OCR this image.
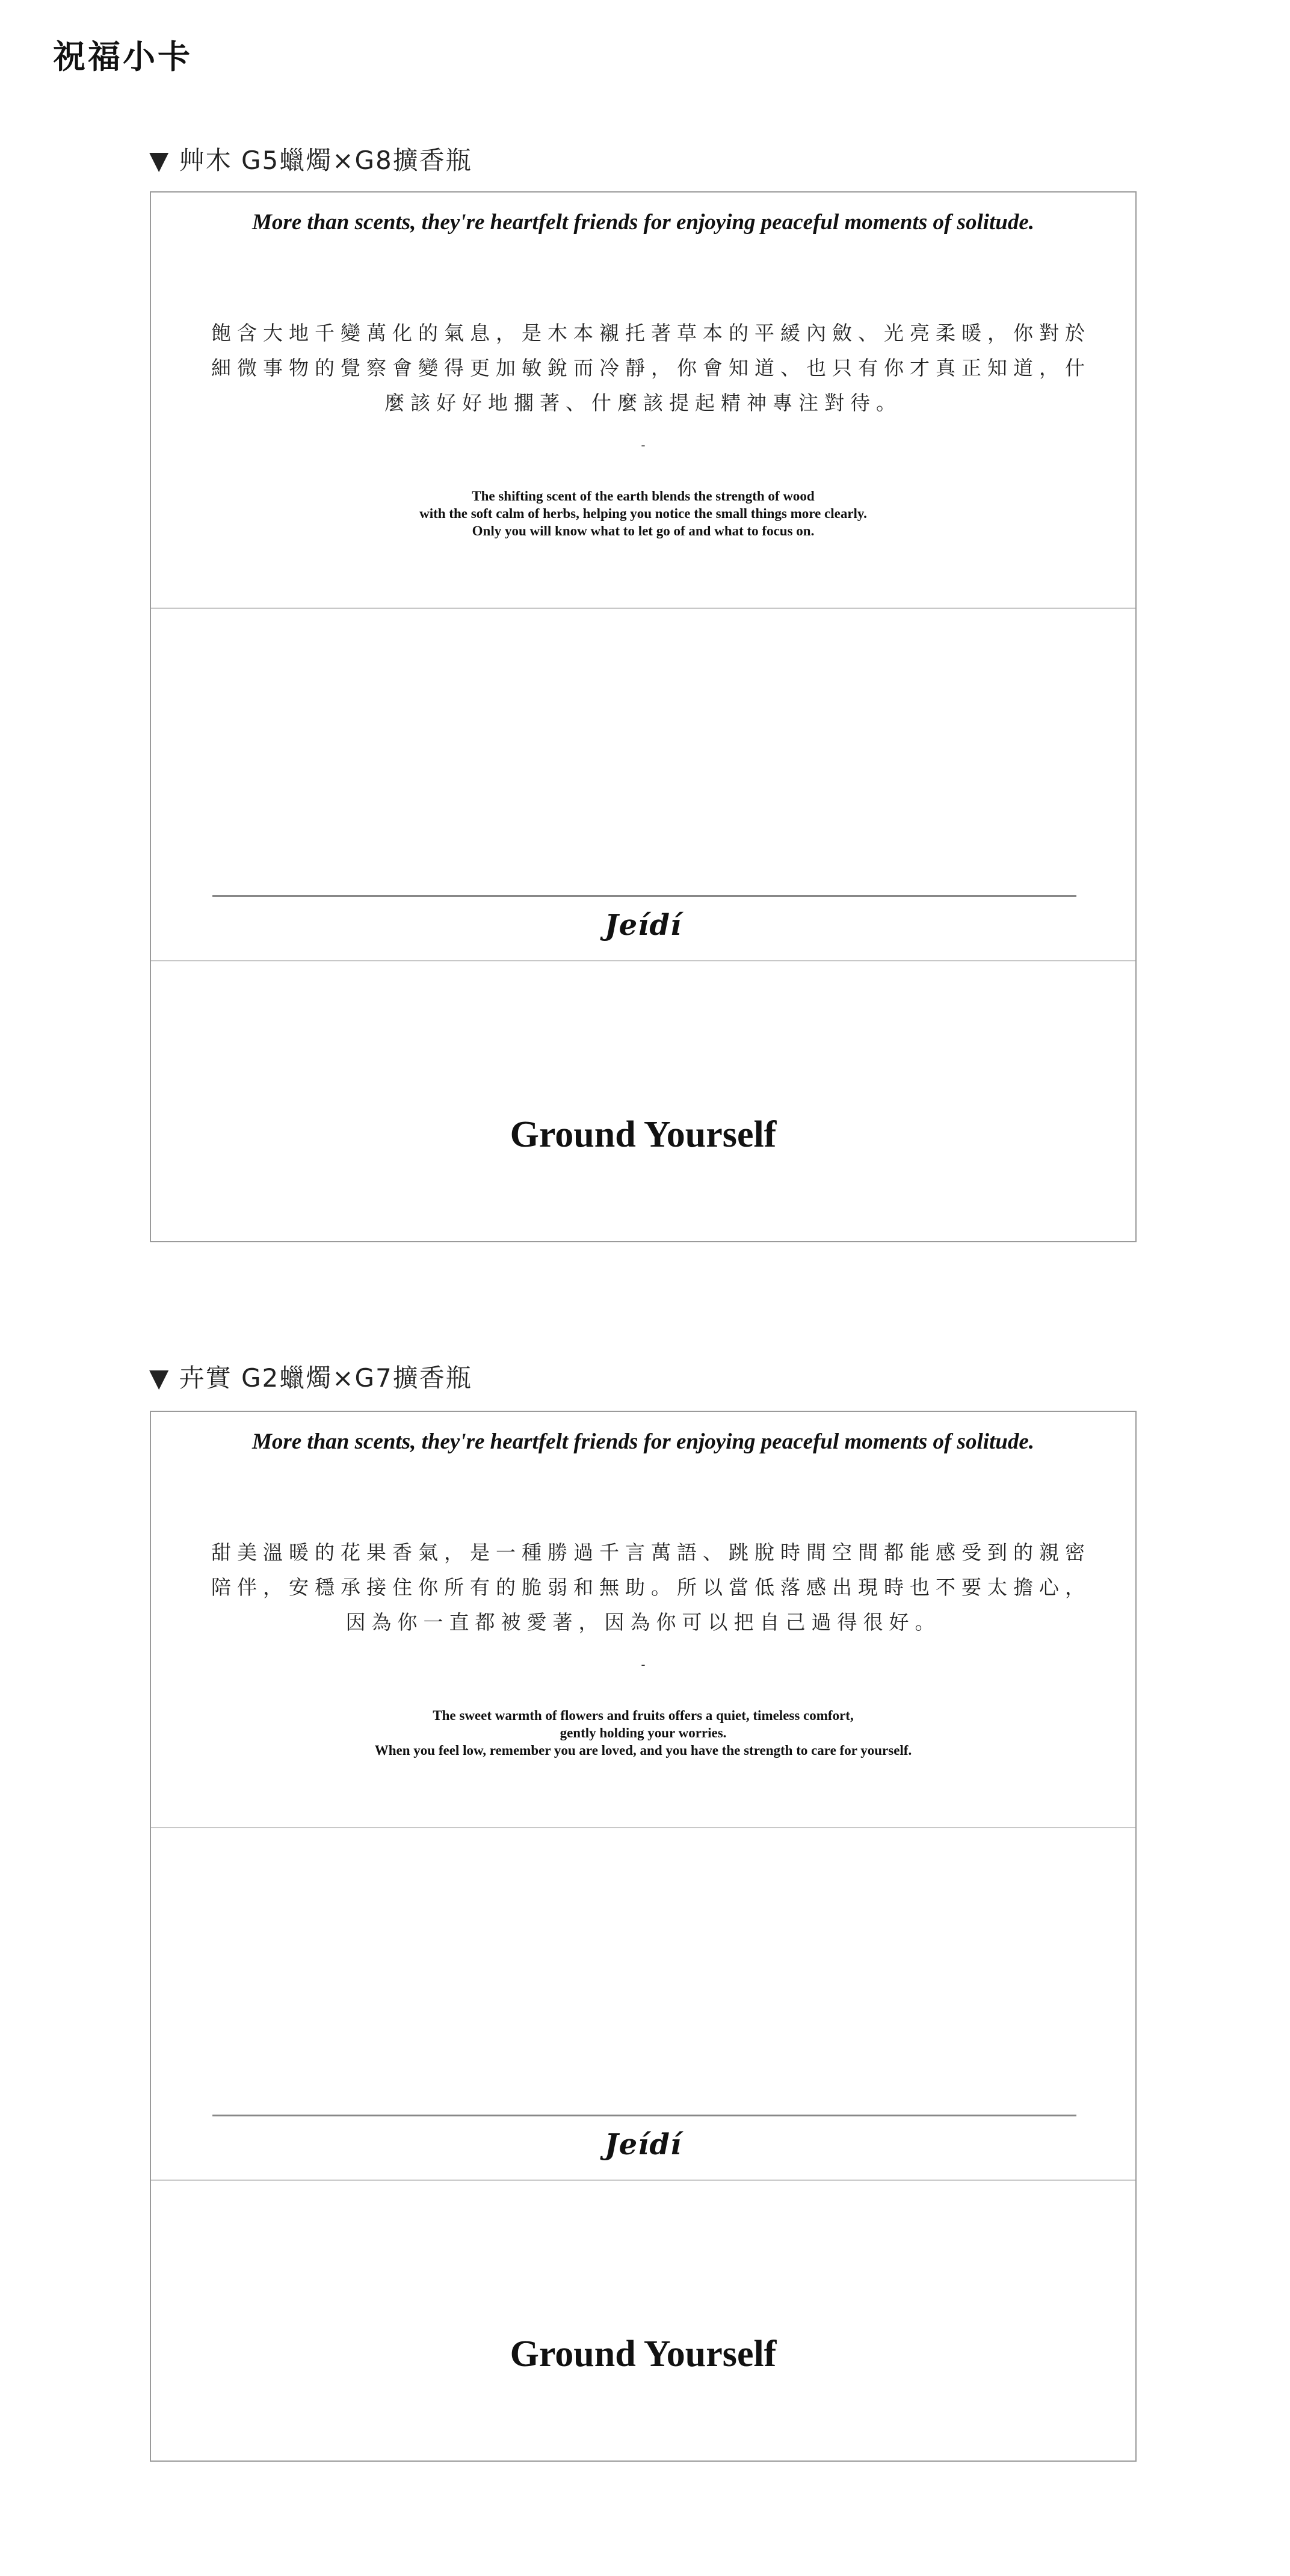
祝福小卡
▼ 艸木 G5蠟燭×G8擴香瓶
More than scents, they're heartfelt friends for enjoying peaceful moments of solitude.
飽含大地千變萬化的氣息，是木本襯托著草本的平緩內斂、光亮柔暖，你對於
細微事物的覺察會變得更加敏銳而冷靜，你會知道、也只有你才真正知道，什
麼該好好地擱著、什麼該提起精神專注對待。
-
The shifting scent of the earth blends the strength of wood
with the soft calm of herbs, helping you notice the small things more clearly.
Only you will know what to let go of and what to focus on.
Jeídí
Ground Yourself
▼ 卉實 G2蠟燭×G7擴香瓶
More than scents, they're heartfelt friends for enjoying peaceful moments of solitude.
甜美溫暖的花果香氣，是一種勝過千言萬語、跳脫時間空間都能感受到的親密
陪伴，安穩承接住你所有的脆弱和無助。所以當低落感出現時也不要太擔心，
因為你一直都被愛著，因為你可以把自己過得很好。
-
The sweet warmth of flowers and fruits offers a quiet, timeless comfort,
gently holding your worries.
When you feel low, remember you are loved, and you have the strength to care for yourself.
Jeídí
Ground Yourself
